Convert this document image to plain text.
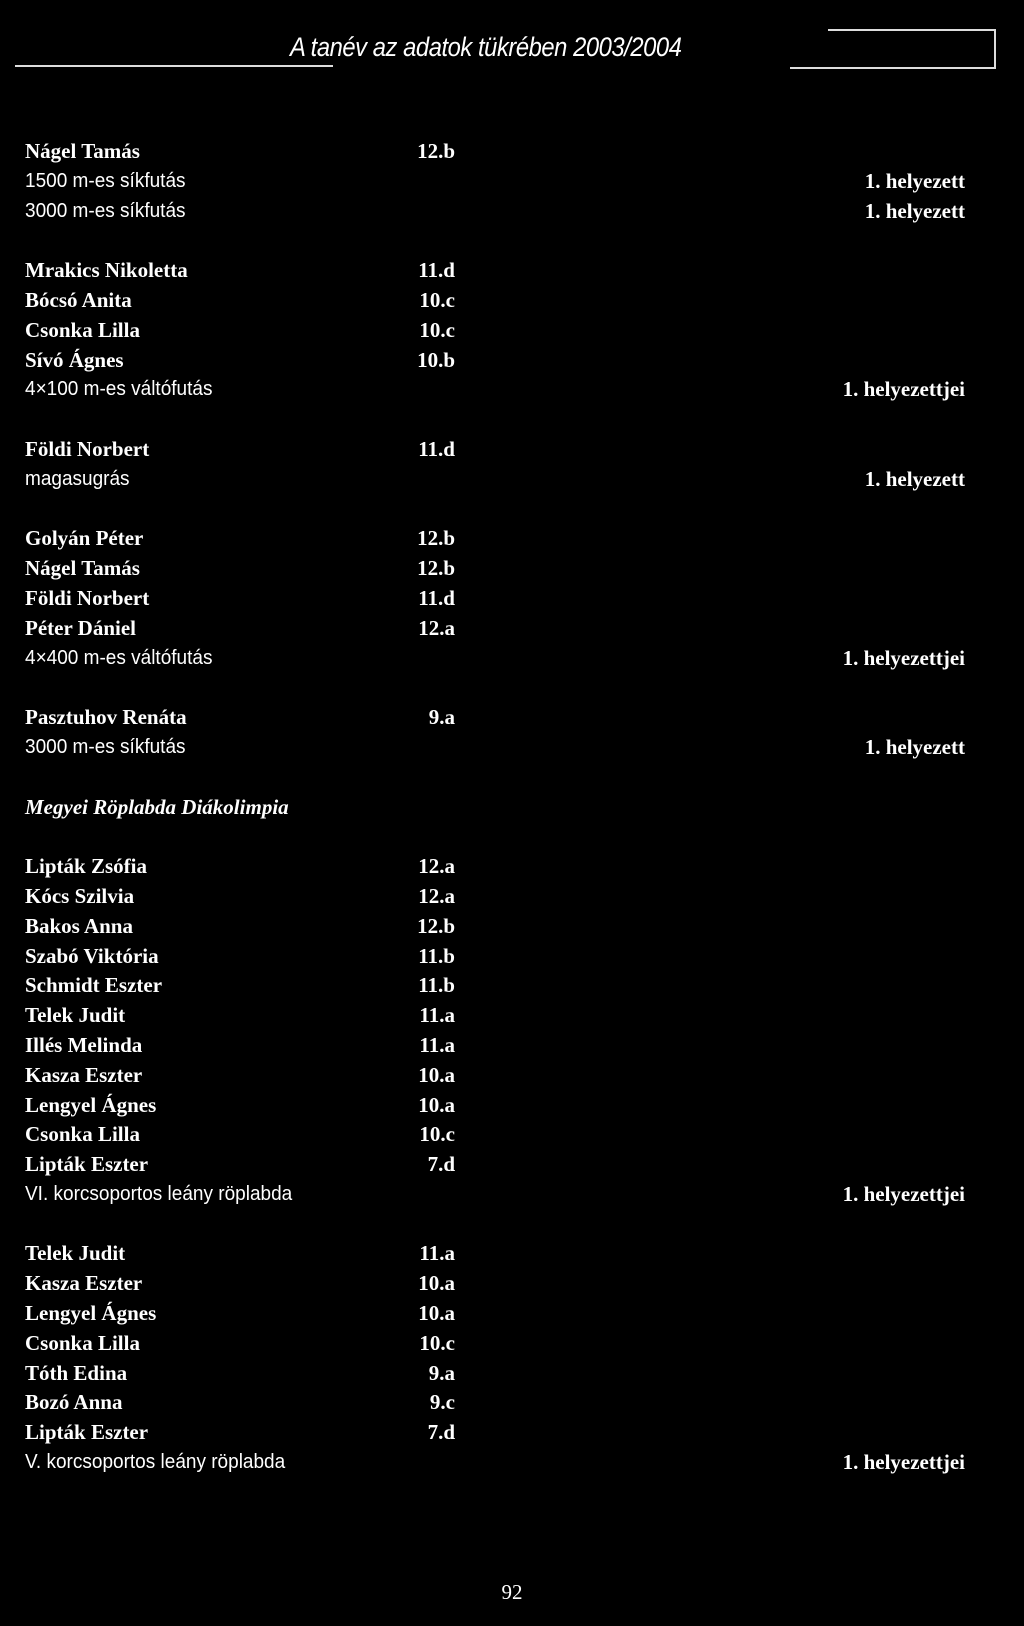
A tanév az adatok tükrében 2003/2004
Nágel Tamás	12.b
1500 m-es síkfutás	1. helyezett
3000 m-es síkfutás	1. helyezett
Mrakics Nikoletta	11.d
Bócsó Anita	10.c
Csonka Lilla	10.c
Sívó Ágnes	10.b
4×100 m-es váltófutás	1. helyezettjei
Földi Norbert	11.d
magasugrás	1. helyezett
Golyán Péter	12.b
Nágel Tamás	12.b
Földi Norbert	11.d
Péter Dániel	12.a
4×400 m-es váltófutás	1. helyezettjei
Pasztuhov Renáta	9.a
3000 m-es síkfutás	1. helyezett
Megyei Röplabda Diákolimpia
Lipták Zsófia	12.a
Kócs Szilvia	12.a
Bakos Anna	12.b
Szabó Viktória	11.b
Schmidt Eszter	11.b
Telek Judit	11.a
Illés Melinda	11.a
Kasza Eszter	10.a
Lengyel Ágnes	10.a
Csonka Lilla	10.c
Lipták Eszter	7.d
VI. korcsoportos leány röplabda	1. helyezettjei
Telek Judit	11.a
Kasza Eszter	10.a
Lengyel Ágnes	10.a
Csonka Lilla	10.c
Tóth Edina	9.a
Bozó Anna	9.c
Lipták Eszter	7.d
V. korcsoportos leány röplabda	1. helyezettjei
92
